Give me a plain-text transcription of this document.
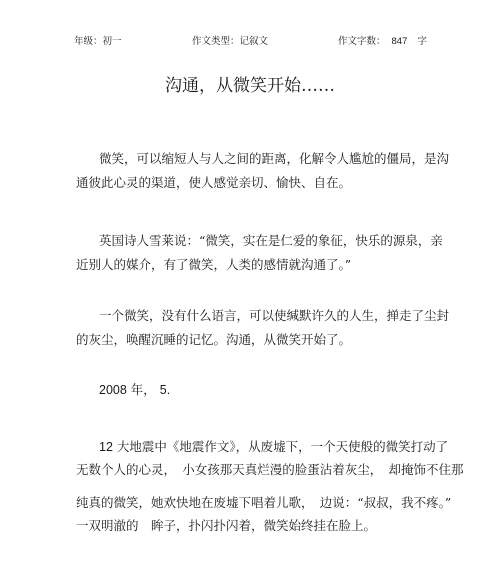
年级：初一	作文类型：记叙文	作文字数： 847 字
沟通，从微笑开始……
微笑，可以缩短人与人之间的距离，化解令人尴尬的僵局，是沟
通彼此心灵的渠道，使人感觉亲切、愉快、自在。
英国诗人雪莱说：“微笑，实在是仁爱的象征，快乐的源泉，亲
近别人的媒介，有了微笑，人类的感情就沟通了。”
一个微笑，没有什么语言，可以使缄默许久的人生，掸走了尘封
的灰尘，唤醒沉睡的记忆。沟通，从微笑开始了。
2008 年， 5.
12 大地震中《地震作文》，从废墟下，一个天使般的微笑打动了
无数个人的心灵，　小女孩那天真烂漫的脸蛋沾着灰尘，　却掩饰不住那
纯真的微笑，她欢快地在废墟下唱着儿歌，　边说：“叔叔，我不疼。”
一双明澈的　眸子，扑闪扑闪着，微笑始终挂在脸上。
